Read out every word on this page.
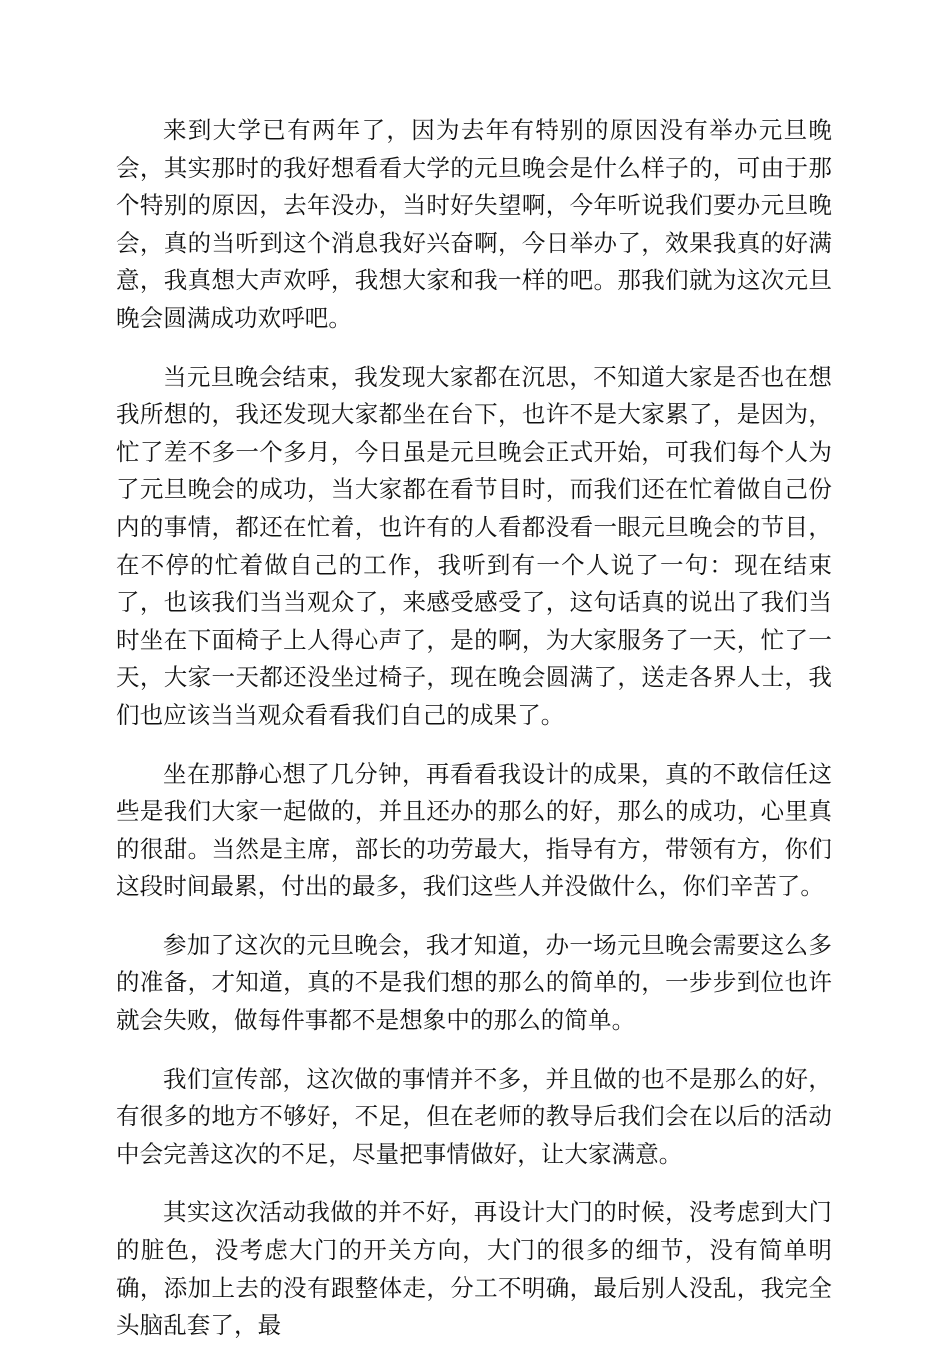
来到大学已有两年了，因为去年有特别的原因没有举办元旦晚会，其实那时的我好想看看大学的元旦晚会是什么样子的，可由于那个特别的原因，去年没办，当时好失望啊，今年听说我们要办元旦晚会，真的当听到这个消息我好兴奋啊，今日举办了，效果我真的好满意，我真想大声欢呼，我想大家和我一样的吧。那我们就为这次元旦晚会圆满成功欢呼吧。

当元旦晚会结束，我发现大家都在沉思，不知道大家是否也在想我所想的，我还发现大家都坐在台下，也许不是大家累了，是因为，忙了差不多一个多月，今日虽是元旦晚会正式开始，可我们每个人为了元旦晚会的成功，当大家都在看节目时，而我们还在忙着做自己份内的事情，都还在忙着，也许有的人看都没看一眼元旦晚会的节目，在不停的忙着做自己的工作，我听到有一个人说了一句：现在结束了，也该我们当当观众了，来感受感受了，这句话真的说出了我们当时坐在下面椅子上人得心声了，是的啊，为大家服务了一天，忙了一天，大家一天都还没坐过椅子，现在晚会圆满了，送走各界人士，我们也应该当当观众看看我们自己的成果了。

坐在那静心想了几分钟，再看看我设计的成果，真的不敢信任这些是我们大家一起做的，并且还办的那么的好，那么的成功，心里真的很甜。当然是主席，部长的功劳最大，指导有方，带领有方，你们这段时间最累，付出的最多，我们这些人并没做什么，你们辛苦了。

参加了这次的元旦晚会，我才知道，办一场元旦晚会需要这么多的准备，才知道，真的不是我们想的那么的简单的，一步步到位也许就会失败，做每件事都不是想象中的那么的简单。

我们宣传部，这次做的事情并不多，并且做的也不是那么的好，有很多的地方不够好，不足，但在老师的教导后我们会在以后的活动中会完善这次的不足，尽量把事情做好，让大家满意。

其实这次活动我做的并不好，再设计大门的时候，没考虑到大门的脏色，没考虑大门的开关方向，大门的很多的细节，没有简单明确，添加上去的没有跟整体走，分工不明确，最后别人没乱，我完全头脑乱套了，最
